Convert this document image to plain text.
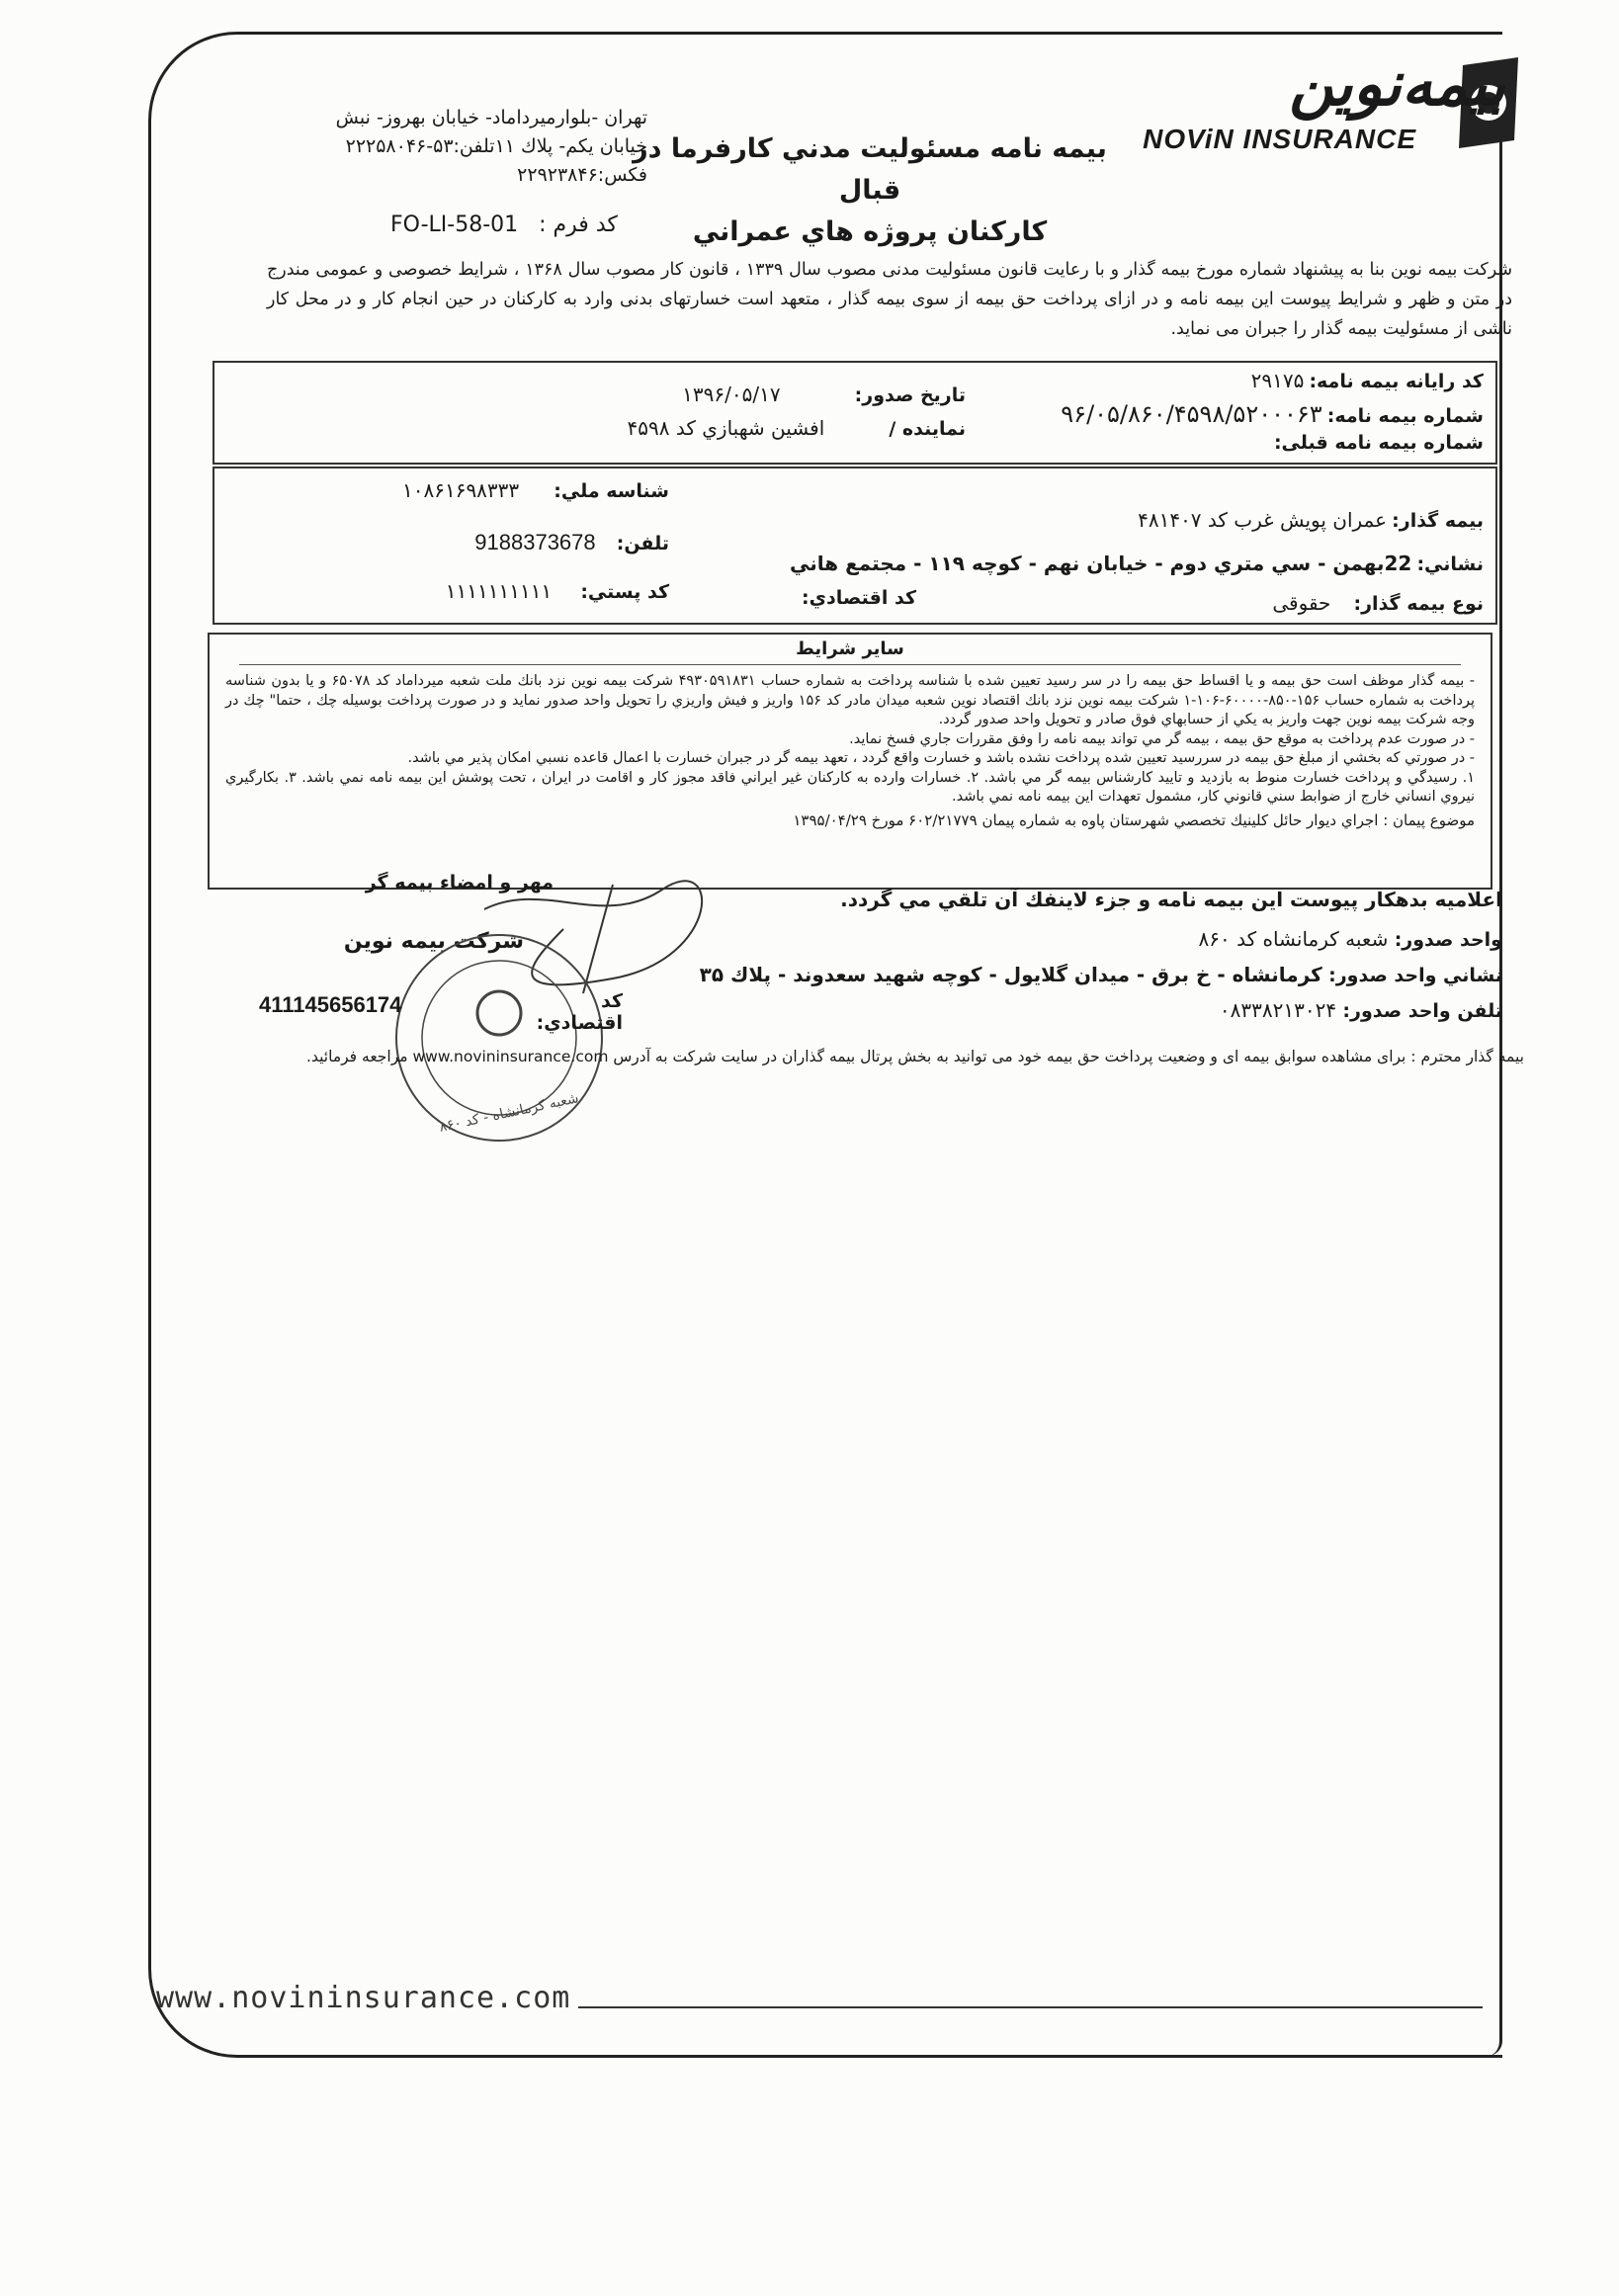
بیمه‌نوین
NOViN INSURANCE
بيمه نامه مسئوليت مدني كارفرما در قبال
كاركنان پروژه هاي عمراني
تهران -بلوارميرداماد- خيابان بهروز- نبش
خيابان يكم- پلاك ۱۱تلفن:۵۳-۲۲۲۵۸۰۴۶
فكس:۲۲۹۲۳۸۴۶
FO-LI-58-01 كد فرم :
شركت بيمه نوين بنا به پيشنهاد شماره مورخ بيمه گذار و با رعايت قانون مسئوليت مدنى مصوب سال ۱۳۳۹ ، قانون كار مصوب سال ۱۳۶۸ ، شرايط خصوصى و عمومى مندرج در متن و ظهر و شرايط پيوست اين بيمه نامه و در ازاى پرداخت حق بيمه از سوى بيمه گذار ، متعهد است خسارتهاى بدنى وارد به كاركنان در حين انجام كار و در محل كار ناشى از مسئوليت بيمه گذار را جبران مى نمايد.
كد رايانه بيمه نامه: ۲۹۱۷۵
شماره بيمه نامه: ۹۶/۰۵/۸۶۰/۴۵۹۸/۵۲۰۰۰۶۳
شماره بيمه نامه قبلى:
تاريخ صدور: ۱۳۹۶/۰۵/۱۷
نماينده / افشين شهبازي كد ۴۵۹۸
بيمه گذار: عمران پويش غرب كد ۴۸۱۴۰۷
نشاني: 22بهمن - سي متري دوم - خيابان نهم - كوچه ۱۱۹ - مجتمع هاني
نوع بيمه گذار: حقوقى
كد اقتصادي:
شناسه ملي: ۱۰۸۶۱۶۹۸۳۳۳
تلفن: 9188373678
كد پستي: ۱۱۱۱۱۱۱۱۱۱
ساير شرايط
- بيمه گذار موظف است حق بيمه و يا اقساط حق بيمه را در سر رسيد تعيين شده با شناسه پرداخت به شماره حساب ۴۹۳۰۵۹۱۸۳۱ شركت بيمه نوين نزد بانك ملت شعبه ميرداماد كد ۶۵۰۷۸ و يا بدون شناسه پرداخت به شماره حساب ۱۵۶-۸۵۰-۶۰۰۰۰-۱۰۶-۱ شركت بيمه نوين نزد بانك اقتصاد نوين شعبه ميدان مادر كد ۱۵۶ واريز و فيش واريزي را تحويل واحد صدور نمايد و در صورت پرداخت بوسيله چك ، حتما" چك در وجه شركت بيمه نوين جهت واريز به يكي از حسابهاي فوق صادر و تحويل واحد صدور گردد.
- در صورت عدم پرداخت به موقع حق بيمه ، بيمه گر مي تواند بيمه نامه را وفق مقررات جاري فسخ نمايد.
- در صورتي كه بخشي از مبلغ حق بيمه در سررسيد تعيين شده پرداخت نشده باشد و خسارت واقع گردد ، تعهد بيمه گر در جبران خسارت با اعمال قاعده نسبي امكان پذير مي باشد.
۱. رسيدگي و پرداخت خسارت منوط به بازديد و تاييد كارشناس بيمه گر مي باشد. ۲. خسارات وارده به كاركنان غير ايراني فاقد مجوز كار و اقامت در ايران ، تحت پوشش اين بيمه نامه نمي باشد. ۳. بكارگيري نيروي انساني خارج از ضوابط سني قانوني كار، مشمول تعهدات اين بيمه نامه نمي باشد.
موضوع پيمان : اجراي ديوار حائل كلينيك تخصصي شهرستان پاوه به شماره پيمان ۶۰۲/۲۱۷۷۹ مورخ ۱۳۹۵/۰۴/۲۹
اعلاميه بدهكار پيوست اين بيمه نامه و جزء لاينفك آن تلقي مي گردد.
واحد صدور: شعبه كرمانشاه كد ۸۶۰
نشاني واحد صدور: كرمانشاه - خ برق - ميدان گلايول - كوچه شهيد سعدوند - پلاك ۳۵
تلفن واحد صدور: ۰۸۳۳۸۲۱۳۰۲۴
مهر و امضاء بيمه گر
شركت بيمه نوين
شعبه كرمانشاه - كد ۸۶۰
كد اقتصادي:
411145656174
بيمه گذار محترم : براى مشاهده سوابق بيمه اى و وضعيت پرداخت حق بيمه خود مى توانيد به بخش پرتال بيمه گذاران در سايت شركت به آدرس www.novininsurance.com مراجعه فرمائيد.
www.novininsurance.com
